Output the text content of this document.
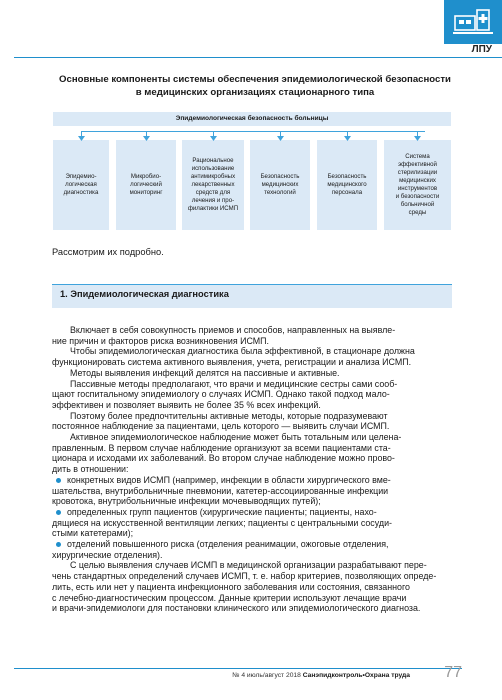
ЛПУ
Основные компоненты системы обеспечения эпидемиологической безопасности
в медицинских организациях стационарного типа
Эпидемиологическая безопасность больницы
Эпидемио-
логическая
диагностика
Микробио-
логический
мониторинг
Рациональное
использование
антимикробных
лекарственных
средств для
лечения и про-
филактики ИСМП
Безопасность
медицинских
технологий
Безопасность
медицинского
персонала
Система
эффективной
стерилизации
медицинских
инструментов
и безопасности
больничной
среды
Рассмотрим их подробно.
1. Эпидемиологическая диагностика

Включает в себя совокупность приемов и способов, направленных на выявле-
ние причин и факторов риска возникновения ИСМП.

Чтобы эпидемиологическая диагностика была эффективной, в стационаре должна
функционировать система активного выявления, учета, регистрации и анализа ИСМП.

Методы выявления инфекций делятся на пассивные и активные.

Пассивные методы предполагают, что врачи и медицинские сестры сами сооб-
щают госпитальному эпидемиологу о случаях ИСМП. Однако такой подход мало-
эффективен и позволяет выявить не более 35 % всех инфекций.

Поэтому более предпочтительны активные методы, которые подразумевают
постоянное наблюдение за пациентами, цель которого — выявить случаи ИСМП.

Активное эпидемиологическое наблюдение может быть тотальным или целена-
правленным. В первом случае наблюдение организуют за всеми пациентами ста-
ционара и исходами их заболеваний. Во втором случае наблюдение можно прово-
дить в отношении:

конкретных видов ИСМП (например, инфекции в области хирургического вме-
шательства, внутрибольничные пневмонии, катетер-ассоциированные инфекции
кровотока, внутрибольничные инфекции мочевыводящих путей);

определенных групп пациентов (хирургические пациенты; пациенты, нахо-
дящиеся на искусственной вентиляции легких; пациенты с центральными сосуди-
стыми катетерами);

отделений повышенного риска (отделения реанимации, ожоговые отделения,
хирургические отделения).

С целью выявления случаев ИСМП в медицинской организации разрабатывают пере-
чень стандартных определений случаев ИСМП, т. е. набор критериев, позволяющих опреде-
лить, есть или нет у пациента инфекционного заболевания или состояния, связанного
с лечебно-диагностическим процессом. Данные критерии используют лечащие врачи
и врачи-эпидемиологи для постановки клинического или эпидемиологического диагноза.

№ 4 июль/август 2018 Санэпидконтроль•Охрана труда 77
